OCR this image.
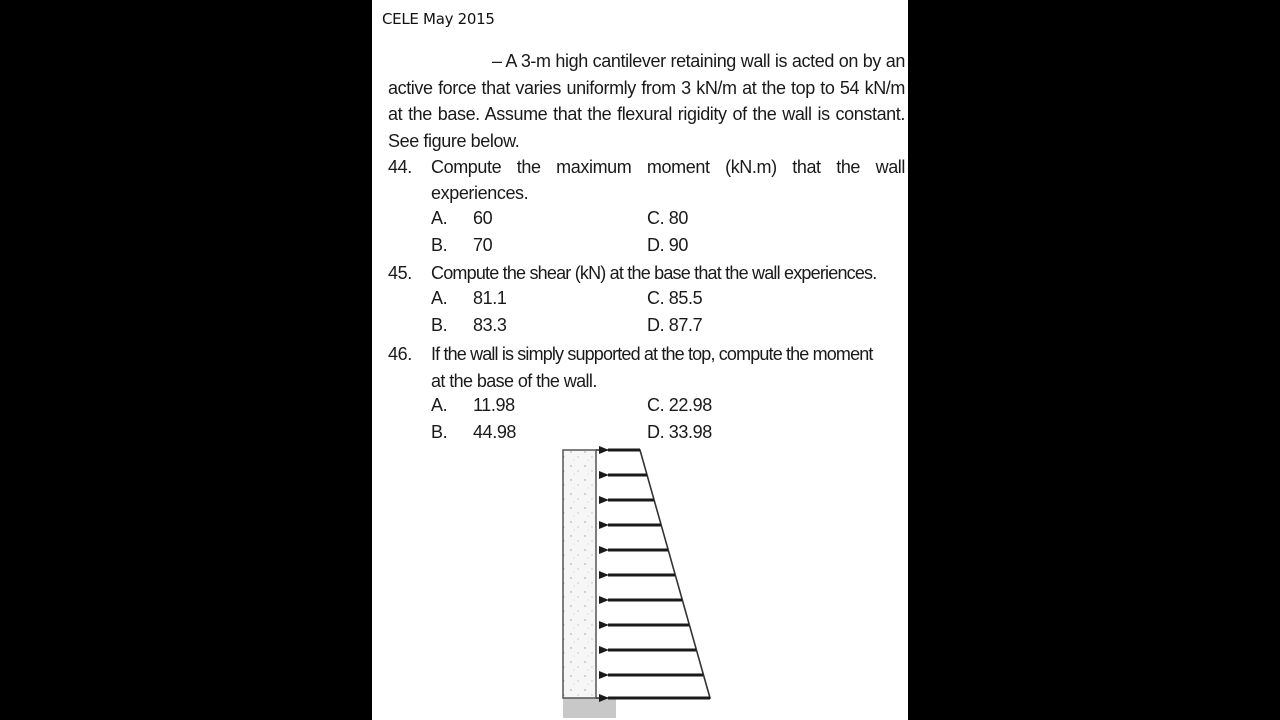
CELE May 2015
– A 3-m high cantilever retaining wall is acted on by an active force that varies uniformly from 3 kN/m at the top to 54 kN/m at the base. Assume that the flexural rigidity of the wall is constant. See figure below.
44. Compute the maximum moment (kN.m) that the wall
experiences.
A. 60	C. 80
B. 70	D. 90
45. Compute the shear (kN) at the base that the wall experiences.
A. 81.1	C. 85.5
B. 83.3	D. 87.7
46. If the wall is simply supported at the top, compute the moment
at the base of the wall.
A. 11.98	C. 22.98
B. 44.98	D. 33.98
